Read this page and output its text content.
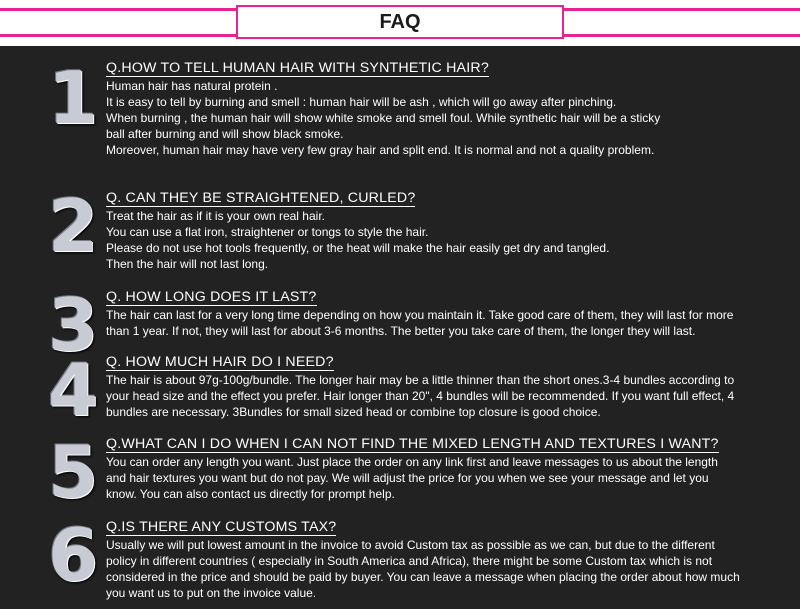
FAQ
1 Q.HOW TO TELL HUMAN HAIR WITH SYNTHETIC HAIR?

Human hair has natural protein .

It is easy to tell by burning and smell : human hair will be ash , which will go away after pinching.

When burning , the human hair will show white smoke and smell foul. While synthetic hair will be a sticky

ball after burning and will show black smoke.

Moreover, human hair may have very few gray hair and split end. It is normal and not a quality problem.

2 Q. CAN THEY BE STRAIGHTENED, CURLED?

Treat the hair as if it is your own real hair.

You can use a flat iron, straightener or tongs to style the hair.

Please do not use hot tools frequently, or the heat will make the hair easily get dry and tangled.

Then the hair will not last long.

3 Q. HOW LONG DOES IT LAST?

The hair can last for a very long time depending on how you maintain it. Take good care of them, they will last for more

than 1 year. If not, they will last for about 3-6 months. The better you take care of them, the longer they will last.

4 Q. HOW MUCH HAIR DO I NEED?

The hair is about 97g-100g/bundle. The longer hair may be a little thinner than the short ones.3-4 bundles according to

your head size and the effect you prefer. Hair longer than 20", 4 bundles will be recommended. If you want full effect, 4

bundles are necessary. 3Bundles for small sized head or combine top closure is good choice.

5 Q.WHAT CAN I DO WHEN I CAN NOT FIND THE MIXED LENGTH AND TEXTURES I WANT?

You can order any length you want. Just place the order on any link first and leave messages to us about the length

and hair textures you want but do not pay. We will adjust the price for you when we see your message and let you

know. You can also contact us directly for prompt help.

6 Q.IS THERE ANY CUSTOMS TAX?

Usually we will put lowest amount in the invoice to avoid Custom tax as possible as we can, but due to the different

policy in different countries ( especially in South America and Africa), there might be some Custom tax which is not

considered in the price and should be paid by buyer. You can leave a message when placing the order about how much

you want us to put on the invoice value.
